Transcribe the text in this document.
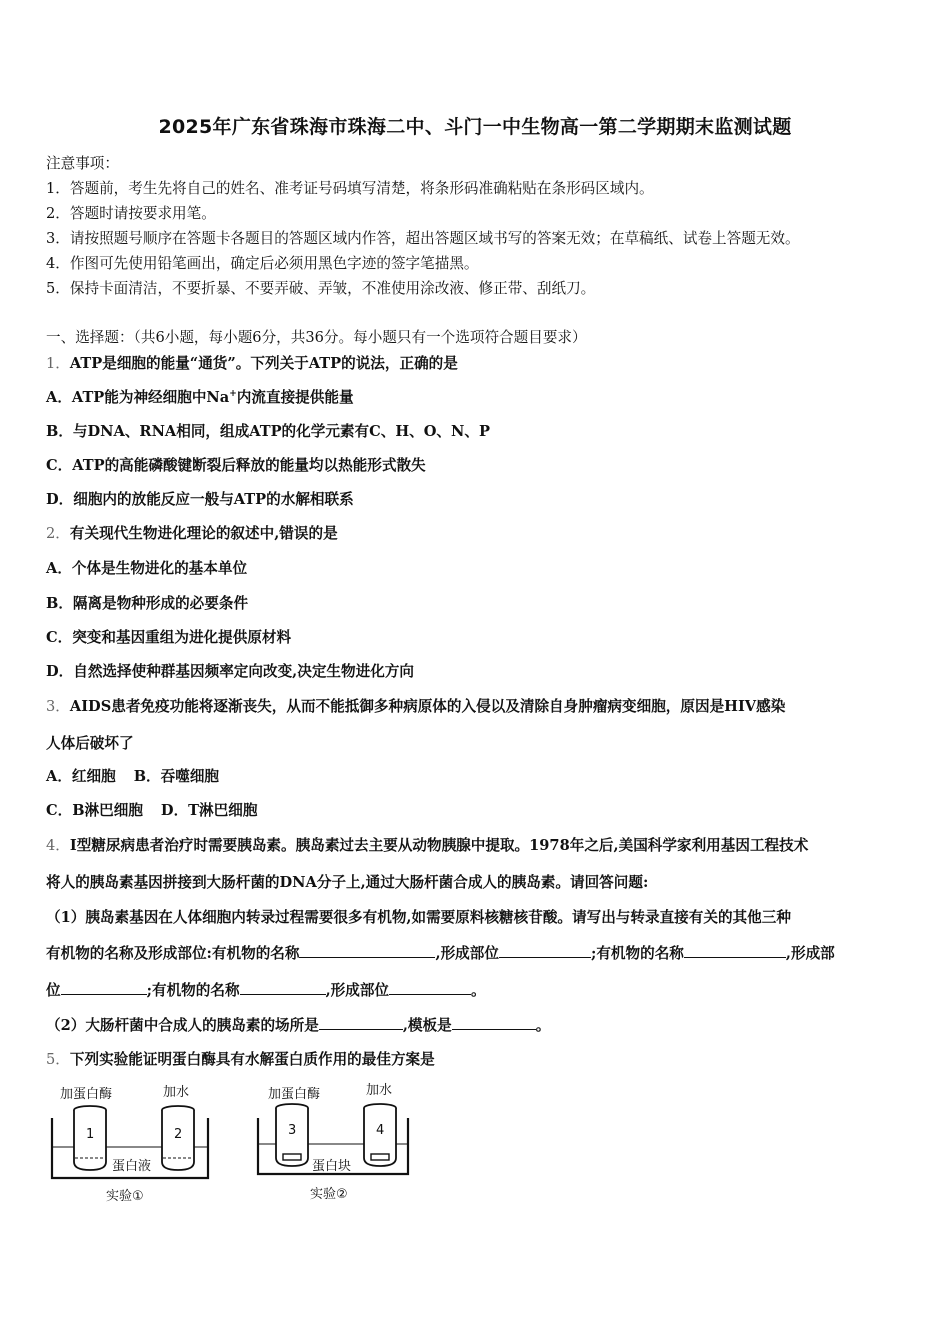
2025年广东省珠海市珠海二中、斗门一中生物高一第二学期期末监测试题
注意事项：
1．答题前，考生先将自己的姓名、准考证号码填写清楚，将条形码准确粘贴在条形码区域内。
2．答题时请按要求用笔。
3．请按照题号顺序在答题卡各题目的答题区域内作答，超出答题区域书写的答案无效；在草稿纸、试卷上答题无效。
4．作图可先使用铅笔画出，确定后必须用黑色字迹的签字笔描黑。
5．保持卡面清洁，不要折暴、不要弄破、弄皱，不准使用涂改液、修正带、刮纸刀。
一、选择题：（共6小题，每小题6分，共36分。每小题只有一个选项符合题目要求）
1．ATP是细胞的能量“通货”。下列关于ATP的说法，正确的是
A．ATP能为神经细胞中Na+内流直接提供能量
B．与DNA、RNA相同，组成ATP的化学元素有C、H、O、N、P
C．ATP的高能磷酸键断裂后释放的能量均以热能形式散失
D．细胞内的放能反应一般与ATP的水解相联系
2．有关现代生物进化理论的叙述中,错误的是
A．个体是生物进化的基本单位
B．隔离是物种形成的必要条件
C．突变和基因重组为进化提供原材料
D．自然选择使种群基因频率定向改变,决定生物进化方向
3．AIDS患者免疫功能将逐渐丧失，从而不能抵御多种病原体的入侵以及清除自身肿瘤病变细胞，原因是HIV感染
人体后破坏了
A．红细胞 B．吞噬细胞
C．B淋巴细胞 D．T淋巴细胞
4．Ⅰ型糖尿病患者治疗时需要胰岛素。胰岛素过去主要从动物胰腺中提取。1978年之后,美国科学家利用基因工程技术
将人的胰岛素基因拼接到大肠杆菌的DNA分子上,通过大肠杆菌合成人的胰岛素。请回答问题:
（1）胰岛素基因在人体细胞内转录过程需要很多有机物,如需要原料核糖核苷酸。请写出与转录直接有关的其他三种
有机物的名称及形成部位:有机物的名称	,形成部位	;有机物的名称	,形成部
位	;有机物的名称	,形成部位	。
（2）大肠杆菌中合成人的胰岛素的场所是	,模板是	。
5．下列实验能证明蛋白酶具有水解蛋白质作用的最佳方案是
加蛋白酶	加水
1	2
蛋白液
实验①
加蛋白酶	加水
3	4
蛋白块
实验②
